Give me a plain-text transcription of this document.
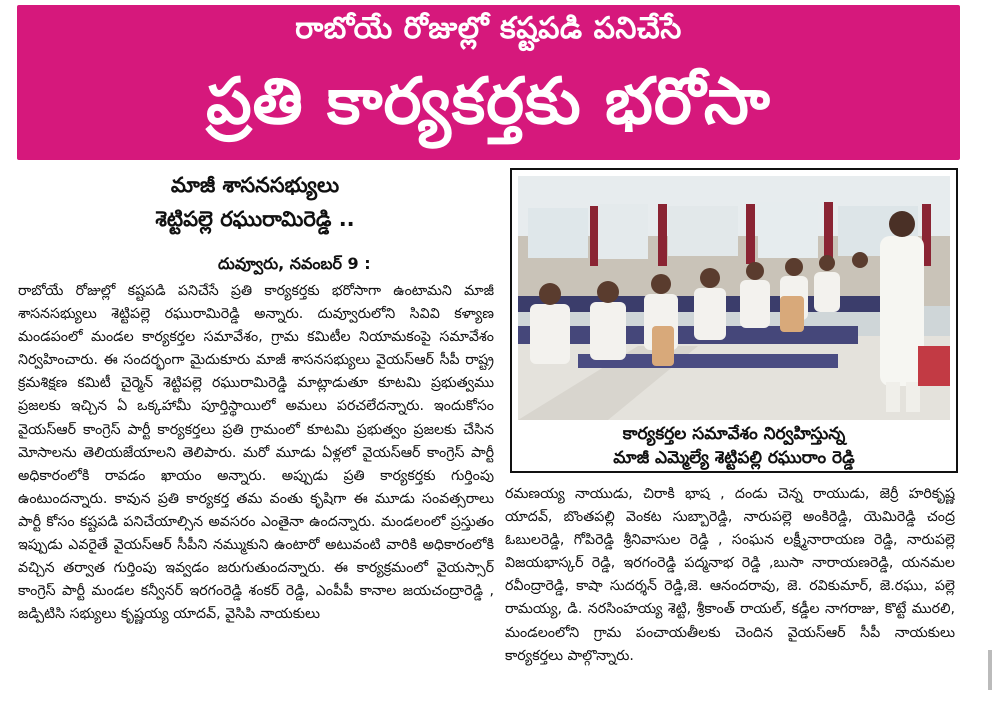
రాబోయే రోజుల్లో కష్టపడి పనిచేసే
ప్రతి కార్యకర్తకు భరోసా
మాజీ శాసనసభ్యులు
శెట్టిపల్లె రఘురామిరెడ్డి ..
దువ్వూరు, నవంబర్ 9 :

రాబోయే రోజుల్లో కష్టపడి పనిచేసే ప్రతి కార్యకర్తకు భరోసాగా ఉంటామని మాజీ శాసనసభ్యులు శెట్టిపల్లె రఘురామిరెడ్డి అన్నారు. దువ్వూరులోని సివివి కళ్యాణ మండపంలో మండల కార్యకర్తల సమావేశం, గ్రామ కమిటీల నియామకంపై సమావేశం నిర్వహించారు. ఈ సందర్భంగా మైదుకూరు మాజీ శాసనసభ్యులు వైయస్ఆర్ సీపీ రాష్ట్ర క్రమశిక్షణ కమిటీ చైర్మెన్ శెట్టిపల్లె రఘురామిరెడ్డి మాట్లాడుతూ కూటమి ప్రభుత్వము ప్రజలకు ఇచ్చిన ఏ ఒక్కహామీ పూర్తిస్థాయిలో అమలు పరచలేదన్నారు. ఇందుకోసం వైయస్ఆర్ కాంగ్రెస్ పార్టీ కార్యకర్తలు ప్రతి గ్రామంలో కూటమి ప్రభుత్వం ప్రజలకు చేసిన మోసాలను తెలియజేయాలని తెలిపారు. మరో మూడు ఏళ్లలో వైయస్ఆర్ కాంగ్రెస్ పార్టీ అధికారంలోకి రావడం ఖాయం అన్నారు. అప్పుడు ప్రతి కార్యకర్తకు గుర్తింపు ఉంటుందన్నారు. కావున ప్రతి కార్యకర్త తమ వంతు కృషిగా ఈ మూడు సంవత్సరాలు పార్టీ కోసం కష్టపడి పనిచేయాల్సిన అవసరం ఎంతైనా ఉందన్నారు. మండలంలో ప్రస్తుతం ఇప్పుడు ఎవరైతే వైయస్ఆర్ సీపీని నమ్ముకుని ఉంటారో అటువంటి వారికి అధికారంలోకి వచ్చిన తర్వాత గుర్తింపు ఇవ్వడం జరుగుతుందన్నారు. ఈ కార్యక్రమంలో వైయస్సార్ కాంగ్రెస్ పార్టీ మండల కన్వీనర్ ఇరగంరెడ్డి శంకర్ రెడ్డి, ఎంపీపీ కానాల జయచంద్రారెడ్డి , జడ్పిటిసి సభ్యులు కృష్ణయ్య యాదవ్, వైసిపి నాయకులు

కార్యకర్తల సమావేశం నిర్వహిస్తున్న
మాజీ ఎమ్మెల్యే శెట్టిపల్లి రఘురాం రెడ్డి

రమణయ్య నాయుడు, చిరాకి భాష , దండు చెన్న రాయుడు, జెర్రీ హరికృష్ణ యాదవ్, బొంతపల్లి వెంకట సుబ్బారెడ్డి, నారుపల్లె అంకిరెడ్డి, యెమిరెడ్డి చంద్ర ఓబులరెడ్డి, గోపిరెడ్డి శ్రీనివాసుల రెడ్డి , సంఘన లక్ష్మీనారాయణ రెడ్డి, నారుపల్లె విజయభాస్కర్ రెడ్డి, ఇరగంరెడ్డి పద్మనాభ రెడ్డి ,బుసా నారాయణరెడ్డి, యనమల రవీంద్రారెడ్డి, కాషా సుదర్శన్ రెడ్డి,జె. ఆనందరావు, జె. రవికుమార్, జె.రఘు, పల్లె రామయ్య, డి. నరసింహయ్య శెట్టి, శ్రీకాంత్ రాయల్, కడ్డీల నాగరాజు, కొట్టే మురలి, మండలంలోని గ్రామ పంచాయతీలకు చెందిన వైయస్ఆర్ సీపీ నాయకులు కార్యకర్తలు పాల్గొన్నారు.
